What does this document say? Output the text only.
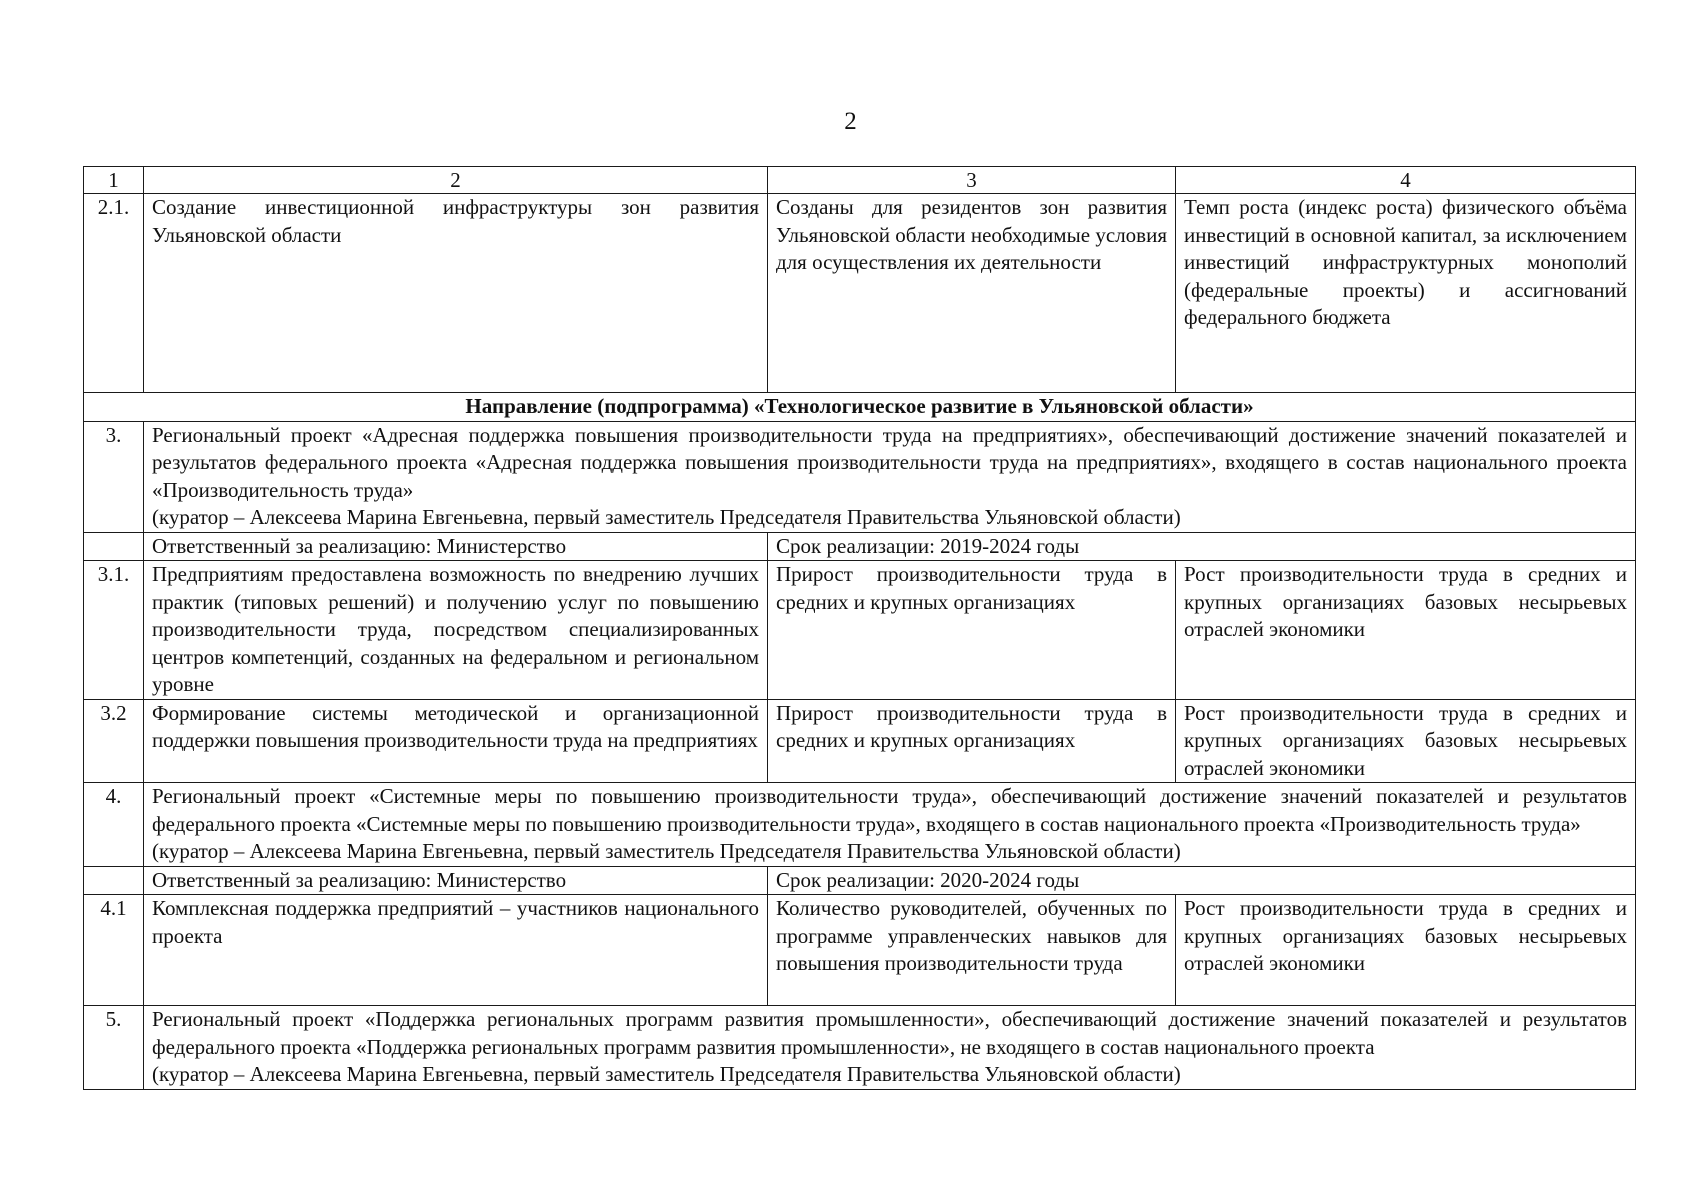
2
1	2	3	4
2.1.	Создание инвестиционной инфраструктуры зон развития Ульяновской области	Созданы для резидентов зон развития Ульяновской области необходимые условия для осуществления их деятельности	Темп роста (индекс роста) физического объёма инвестиций в основной капитал, за исключением инвестиций инфраструктурных монополий (федеральные проекты) и ассигнований федерального бюджета
Направление (подпрограмма) «Технологическое развитие в Ульяновской области»			
3.	Региональный проект «Адресная поддержка повышения производительности труда на предприятиях», обеспечивающий достижение значений показателей и результатов федерального проекта «Адресная поддержка повышения производительности труда на предприятиях», входящего в состав национального проекта «Производительность труда»
(куратор – Алексеева Марина Евгеньевна, первый заместитель Председателя Правительства Ульяновской области)		

	Ответственный за реализацию: Министерство	Срок реализации: 2019-2024 годы	
3.1.	Предприятиям предоставлена возможность по внедрению лучших практик (типовых решений) и получению услуг по повышению производительности труда, посредством специализированных центров компетенций, созданных на федеральном и региональном уровне	Прирост производительности труда в средних и крупных организациях	Рост производительности труда в средних и крупных организациях базовых несырьевых отраслей экономики
3.2	Формирование системы методической и организационной поддержки повышения производительности труда на предприятиях	Прирост производительности труда в средних и крупных организациях	Рост производительности труда в средних и крупных организациях базовых несырьевых отраслей экономики
4.	Региональный проект «Системные меры по повышению производительности труда», обеспечивающий достижение значений показателей и результатов федерального проекта «Системные меры по повышению производительности труда», входящего в состав национального проекта «Производительность труда»
(куратор – Алексеева Марина Евгеньевна, первый заместитель Председателя Правительства Ульяновской области)		

	Ответственный за реализацию: Министерство	Срок реализации: 2020-2024 годы	
4.1	Комплексная поддержка предприятий – участников национального проекта	Количество руководителей, обученных по программе управленческих навыков для повышения производительности труда	Рост производительности труда в средних и крупных организациях базовых несырьевых отраслей экономики
5.	Региональный проект «Поддержка региональных программ развития промышленности», обеспечивающий достижение значений показателей и результатов федерального проекта «Поддержка региональных программ развития промышленности», не входящего в состав национального проекта
(куратор – Алексеева Марина Евгеньевна, первый заместитель Председателя Правительства Ульяновской области)		
